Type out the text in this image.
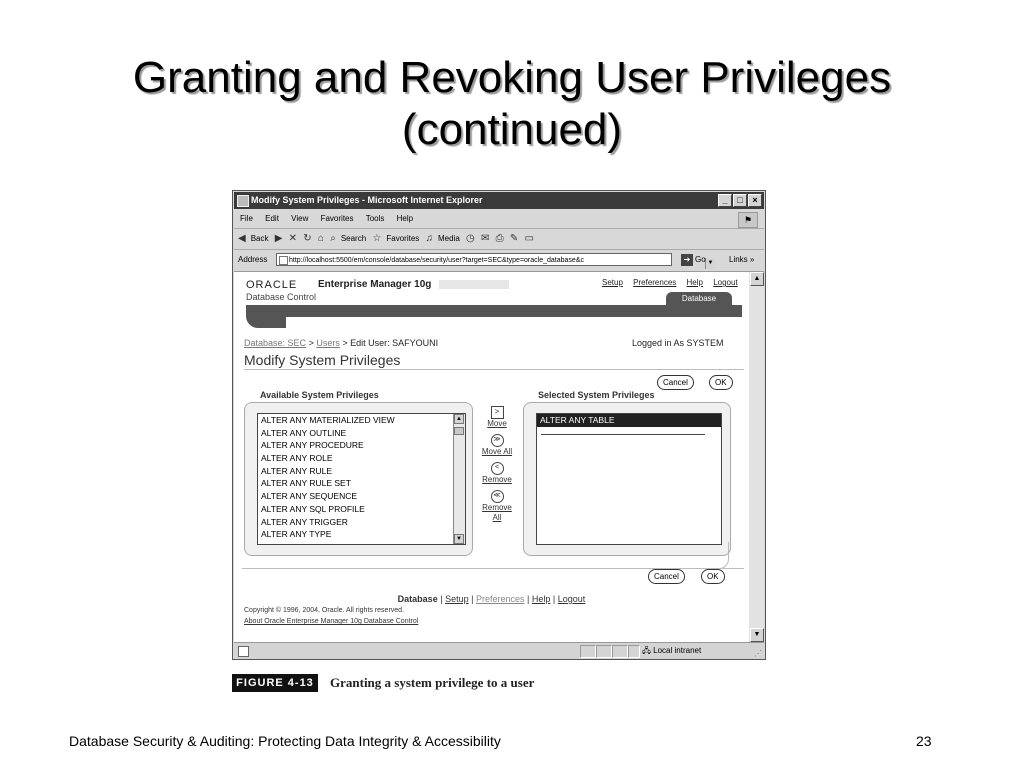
Granting and Revoking User Privileges
(continued)
Modify System Privileges - Microsoft Internet Explorer	_ □ ×
File Edit View Favorites Tools Help	⚑
◀ Back ▶ ✕ ↻ ⌂ ⌕ Search ☆ Favorites ♫ Media ◷ ✉ ⎙ ✎ ▭
Address	http://localhost:5500/em/console/database/security/user?target=SEC&type=oracle_database&c	▼
➔ Go	Links »
ORACLE Enterprise Manager 10g
Database Control
Setup Preferences Help Logout
Database
Database: SEC > Users > Edit User: SAFYOUNI	Logged in As SYSTEM
Modify System Privileges
Cancel	OK
Available System Privileges	Selected System Privileges
ALTER ANY MATERIALIZED VIEW
ALTER ANY OUTLINE
ALTER ANY PROCEDURE
ALTER ANY ROLE
ALTER ANY RULE
ALTER ANY RULE SET
ALTER ANY SEQUENCE
ALTER ANY SQL PROFILE
ALTER ANY TRIGGER
ALTER ANY TYPE
▲
▼
>
Move
≫
Move All
<
Remove
≪
Remove
All
ALTER ANY TABLE
Cancel	OK
Database | Setup | Preferences | Help | Logout
Copyright © 1996, 2004, Oracle. All rights reserved.
About Oracle Enterprise Manager 10g Database Control
▲
▼
🖧 Local intranet	⋰
FIGURE 4-13	Granting a system privilege to a user
Database Security & Auditing: Protecting Data Integrity & Accessibility	23
